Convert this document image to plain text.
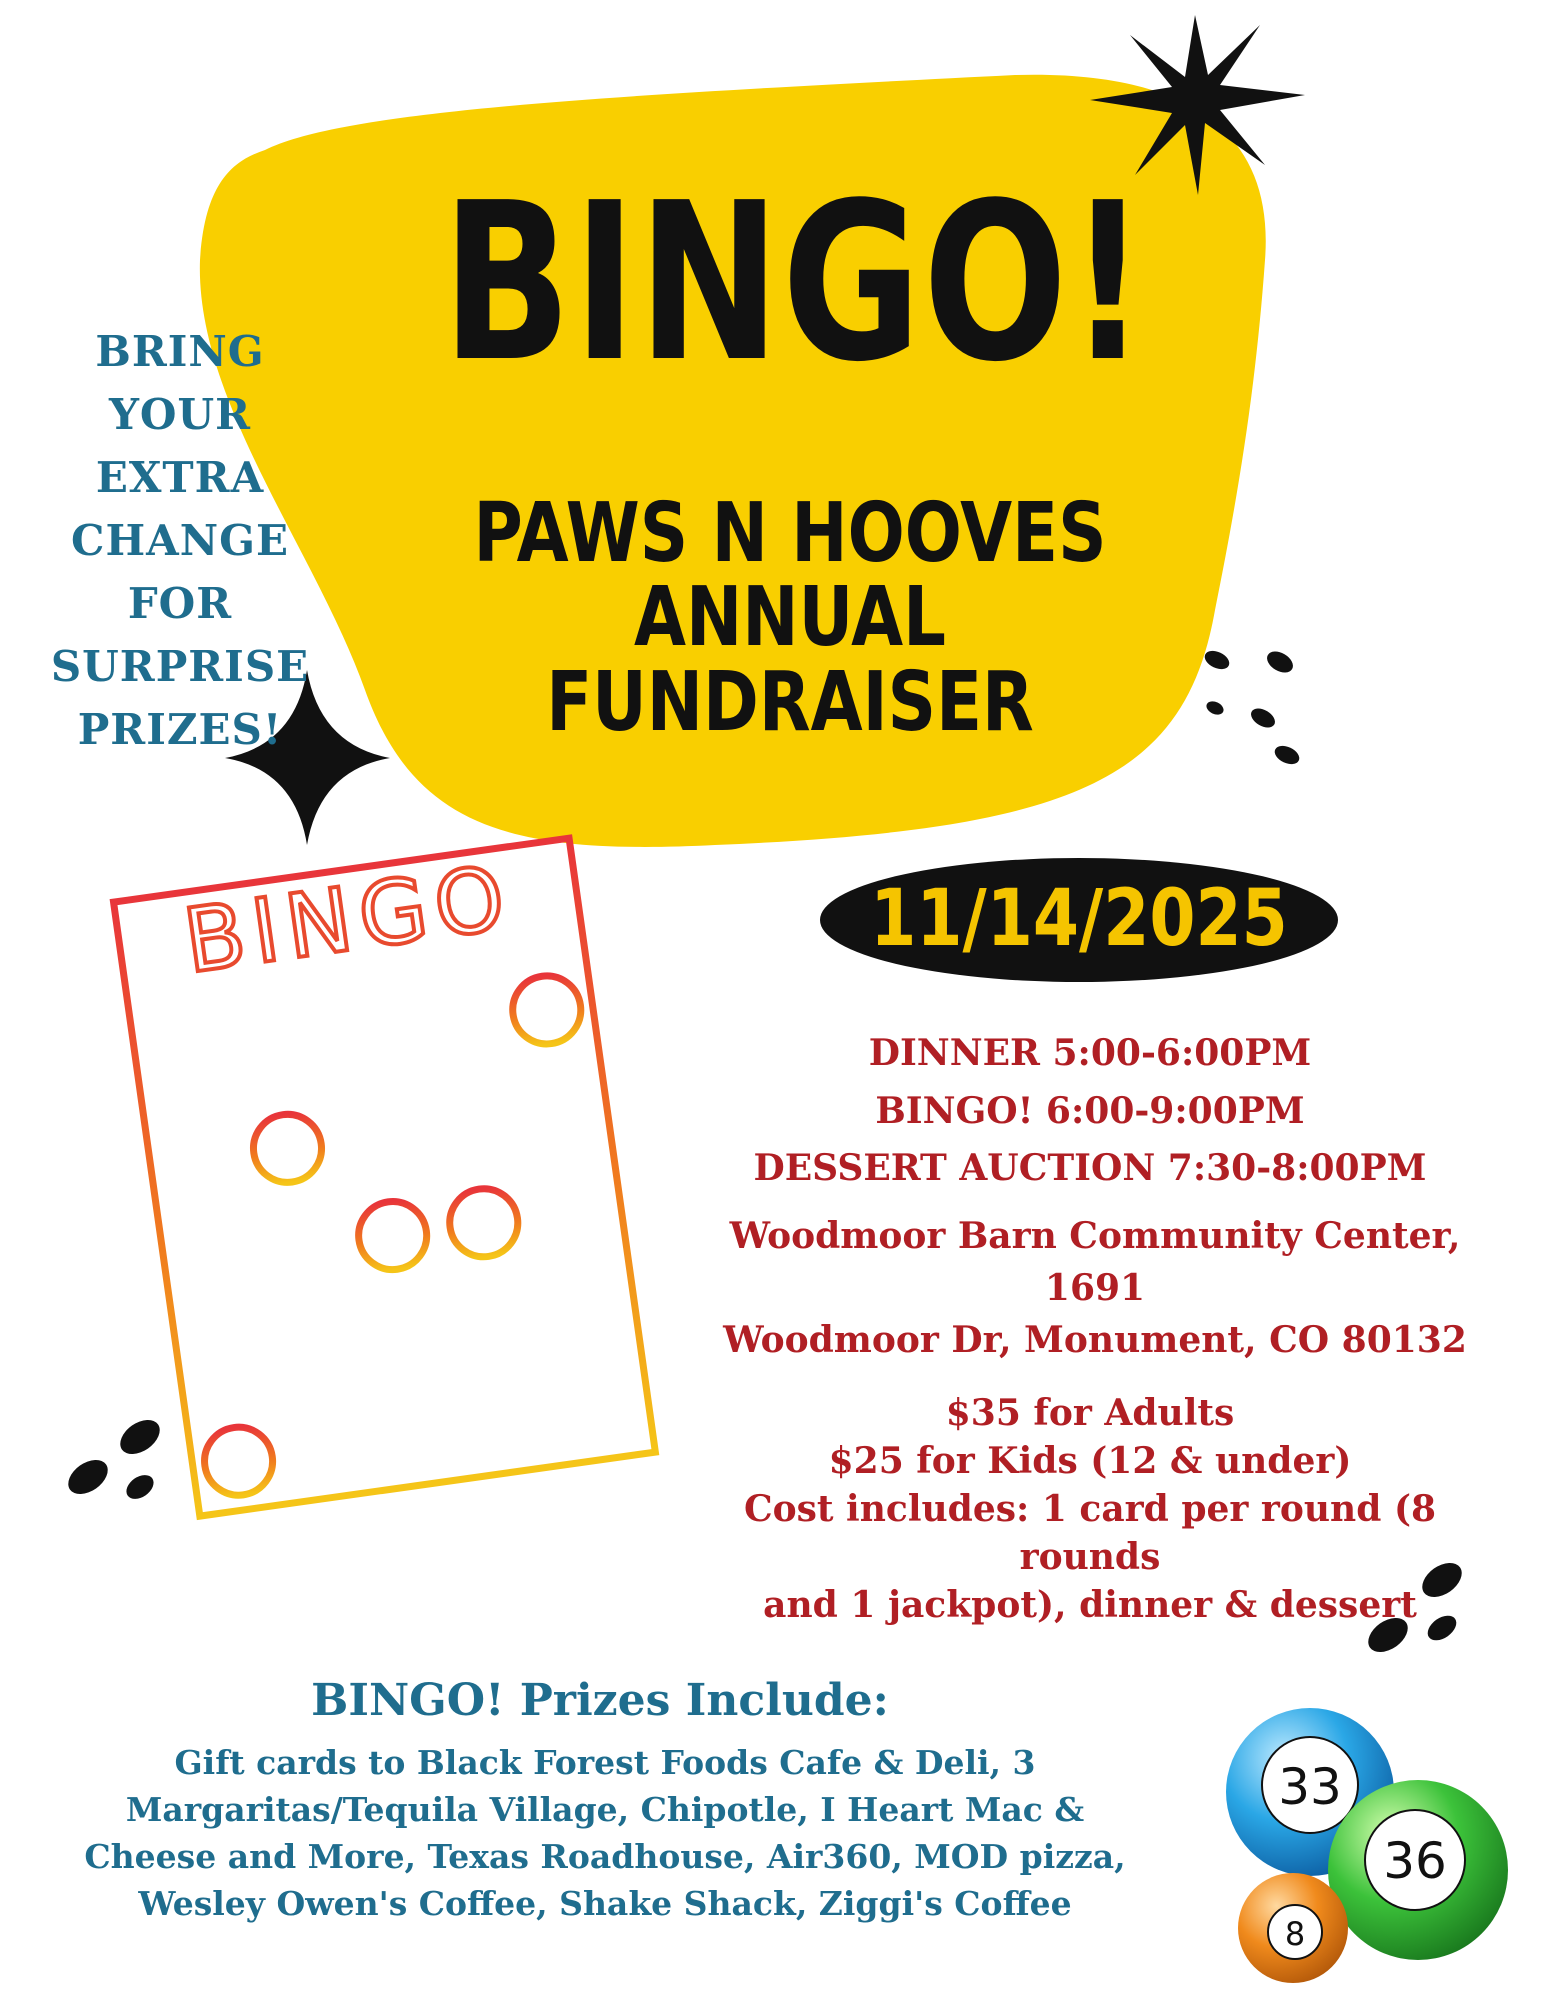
BINGO!
PAWS N HOOVES
ANNUAL FUNDRAISER
BRING YOUR
EXTRA
CHANGE FOR
SURPRISE
PRIZES!
BINGO	11/14/2025
DINNER 5:00-6:00PM
BINGO! 6:00-9:00PM
DESSERT AUCTION 7:30-8:00PM
Woodmoor Barn Community Center, 1691
Woodmoor Dr, Monument, CO 80132
$35 for Adults
$25 for Kids (12 & under)
Cost includes: 1 card per round (8 rounds
and 1 jackpot), dinner & dessert
BINGO! Prizes Include:
Gift cards to Black Forest Foods Cafe & Deli, 3
Margaritas/Tequila Village, Chipotle, I Heart Mac &
Cheese and More, Texas Roadhouse, Air360, MOD pizza,
Wesley Owen's Coffee, Shake Shack, Ziggi's Coffee
33
36
8
